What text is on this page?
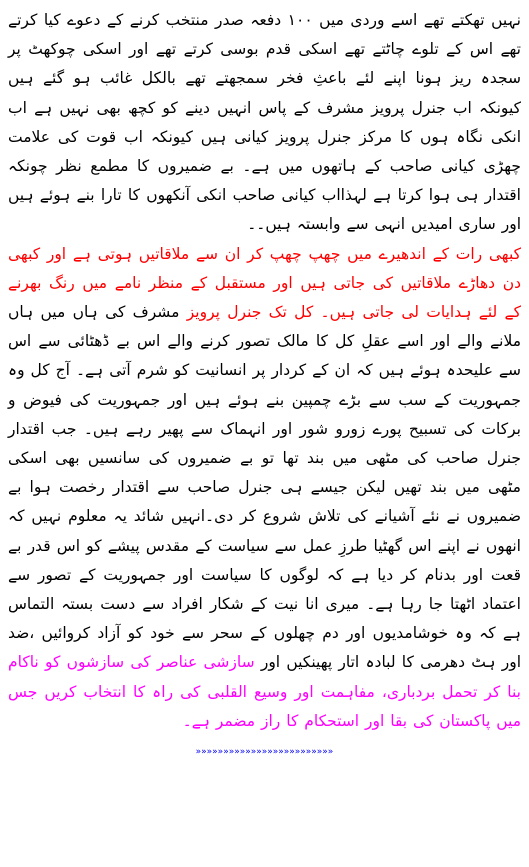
نہیں تھکتے تھے اسے وردی میں ۱۰۰ دفعہ صدر منتخب کرنے کے دعوے کیا کرتے تھے اس کے تلوے چاٹتے تھے اسکی قدم بوسی کرتے تھے اور اسکی چوکھٹ پر سجدہ ریز ہونا اپنے لئے باعثِ فخر سمجھتے تھے بالکل غائب ہو گئے ہیں کیونکہ اب جنرل پرویز مشرف کے پاس انہیں دینے کو کچھ بھی نہیں ہے اب انکی نگاہ ہوں کا مرکز جنرل پرویز کیانی ہیں کیونکہ اب قوت کی علامت چھڑی کیانی صاحب کے ہاتھوں میں ہے۔ بے ضمیروں کا مطمع نظر چونکہ اقتدار ہی ہوا کرتا ہے لہذااب کیانی صاحب انکی آنکھوں کا تارا بنے ہوئے ہیں اور ساری امیدیں انہی سے وابستہ ہیں۔۔

کبھی رات کے اندھیرے میں چھپ چھپ کر ان سے ملاقاتیں ہوتی ہے اور کبھی دن دھاڑے ملاقاتیں کی جاتی ہیں اور مستقبل کے منظر نامے میں رنگ بھرنے کے لئے ہدایات لی جاتی ہیں۔ کل تک جنرل پرویز مشرف کی ہاں میں ہاں ملانے والے اور اسے عقلِ کل کا مالک تصور کرنے والے اس بے ڈھٹائی سے اس سے علیحدہ ہوئے ہیں کہ ان کے کردار پر انسانیت کو شرم آتی ہے۔ آج کل وہ جمہوریت کے سب سے بڑے چمپین بنے ہوئے ہیں اور جمہوریت کی فیوض و برکات کی تسبیح پورے زورو شور اور انہماک سے پھیر رہے ہیں۔ جب اقتدار جنرل صاحب کی مٹھی میں بند تھا تو بے ضمیروں کی سانسیں بھی اسکی مٹھی میں بند تھیں لیکن جیسے ہی جنرل صاحب سے اقتدار رخصت ہوا بے ضمیروں نے نئے آشیانے کی تلاش شروع کر دی۔انہیں شائد یہ معلوم نہیں کہ انھوں نے اپنے اس گھٹیا طرزِ عمل سے سیاست کے مقدس پیشے کو اس قدر بے قعت اور بدنام کر دیا ہے کہ لوگوں کا سیاست اور جمہوریت کے تصور سے اعتماد اٹھتا جا رہا ہے۔ میری انا نیت کے شکار افراد سے دست بستہ التماس ہے کہ وہ خوشامدیوں اور دم چھلوں کے سحر سے خود کو آزاد کروائیں ،ضد اور ہٹ دھرمی کا لبادہ اتار پھینکیں اور سازشی عناصر کی سازشوں کو ناکام بنا کر تحمل بردباری، مفاہمت اور وسیع القلبی کی راہ کا انتخاب کریں جس میں پاکستان کی بقا اور استحکام کا راز مضمر ہے۔

«««««««««««««««««««««««««
